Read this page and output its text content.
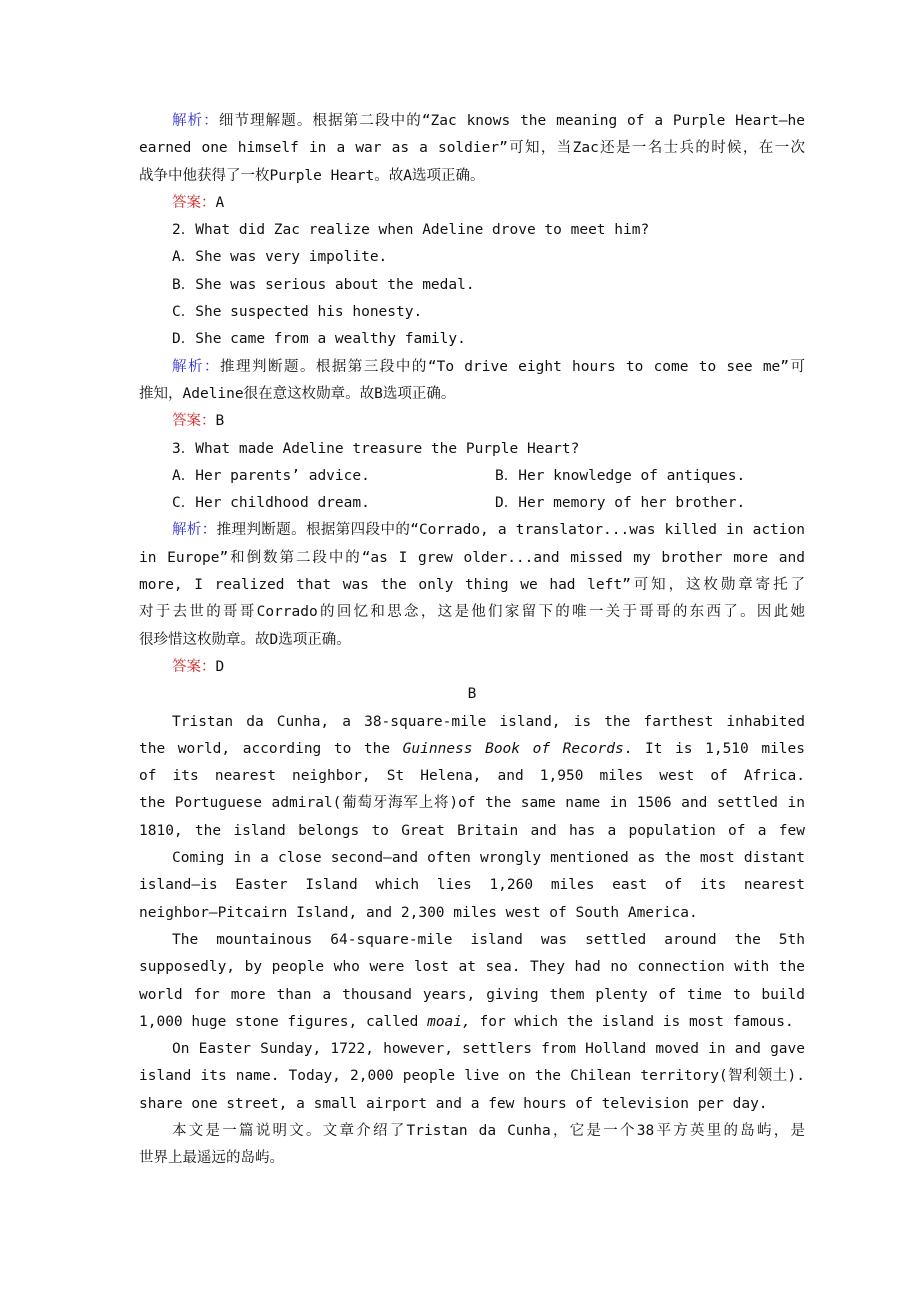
解析：细节理解题。根据第二段中的“Zac knows the meaning of a Purple Heart—he
earned one himself in a war as a soldier”可知，当Zac还是一名士兵的时候，在一次
战争中他获得了一枚Purple Heart。故A选项正确。
答案：A
2．What did Zac realize when Adeline drove to meet him?
A．She was very impolite.
B．She was serious about the medal.
C．She suspected his honesty.
D．She came from a wealthy family.
解析：推理判断题。根据第三段中的“To drive eight hours to come to see me”可
推知，Adeline很在意这枚勋章。故B选项正确。
答案：B
3．What made Adeline treasure the Purple Heart?
A．Her parents’ advice.	B．Her knowledge of antiques.
C．Her childhood dream.	D．Her memory of her brother.
解析：推理判断题。根据第四段中的“Corrado, a translator...was killed in action
in Europe”和倒数第二段中的“as I grew older...and missed my brother more and
more, I realized that was the only thing we had left”可知，这枚勋章寄托了
对于去世的哥哥Corrado的回忆和思念，这是他们家留下的唯一关于哥哥的东西了。因此她
很珍惜这枚勋章。故D选项正确。
答案：D
B
Tristan da Cunha, a 38-square-mile island, is the farthest inhabited
the world, according to the Guinness Book of Records. It is 1,510 miles
of its nearest neighbor, St Helena, and 1,950 miles west of Africa.
the Portuguese admiral(葡萄牙海军上将)of the same name in 1506 and settled in
1810, the island belongs to Great Britain and has a population of a few
Coming in a close second—and often wrongly mentioned as the most distant
island—is Easter Island which lies 1,260 miles east of its nearest
neighbor—Pitcairn Island, and 2,300 miles west of South America.
The mountainous 64-square-mile island was settled around the 5th
supposedly, by people who were lost at sea. They had no connection with the
world for more than a thousand years, giving them plenty of time to build
1,000 huge stone figures, called moai, for which the island is most famous.
On Easter Sunday, 1722, however, settlers from Holland moved in and gave
island its name. Today, 2,000 people live on the Chilean territory(智利领土).
share one street, a small airport and a few hours of television per day.
本文是一篇说明文。文章介绍了Tristan da Cunha，它是一个38平方英里的岛屿，是
世界上最遥远的岛屿。
